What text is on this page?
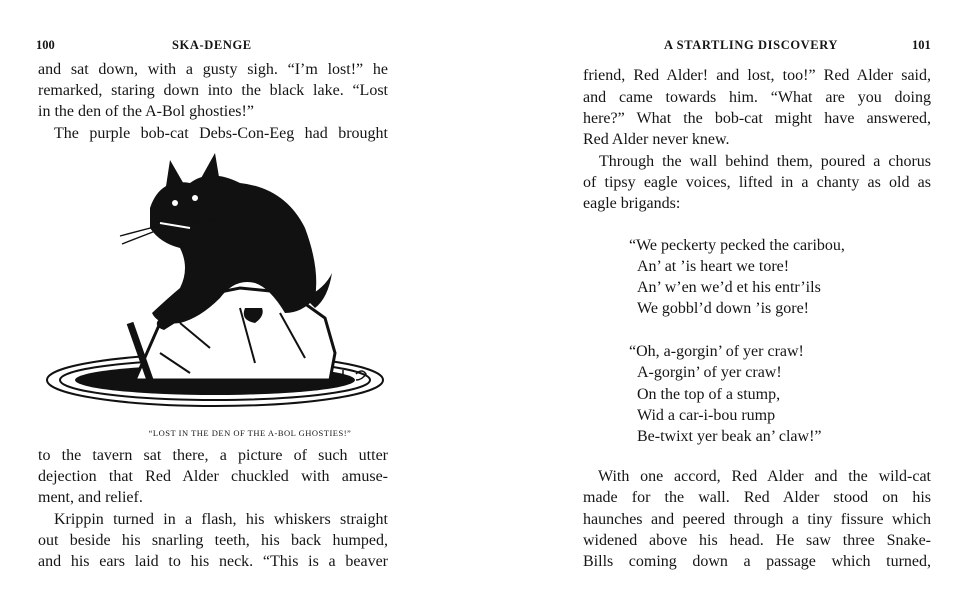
100	SKA-DENGE
and sat down, with a gusty sigh. “I’m lost!” he
remarked, staring down into the black lake. “Lost
in the den of the A-Bol ghosties!”
The purple bob-cat Debs-Con-Eeg had brought
“LOST IN THE DEN OF THE A-BOL GHOSTIES!”
to the tavern sat there, a picture of such utter
dejection that Red Alder chuckled with amuse-
ment, and relief.
Krippin turned in a flash, his whiskers straight
out beside his snarling teeth, his back humped,
and his ears laid to his neck. “This is a beaver
A STARTLING DISCOVERY	101
friend, Red Alder! and lost, too!” Red Alder said,
and came towards him. “What are you doing
here?” What the bob-cat might have answered,
Red Alder never knew.
Through the wall behind them, poured a chorus
of tipsy eagle voices, lifted in a chanty as old as
eagle brigands:
“We peckerty pecked the caribou,
An’ at ’is heart we tore!
An’ w’en we’d et his entr’ils
We gobbl’d down ’is gore!
“Oh, a-gorgin’ of yer craw!
A-gorgin’ of yer craw!
On the top of a stump,
Wid a car-i-bou rump
Be-twixt yer beak an’ claw!”
With one accord, Red Alder and the wild-cat
made for the wall. Red Alder stood on his
haunches and peered through a tiny fissure which
widened above his head. He saw three Snake-
Bills coming down a passage which turned,
